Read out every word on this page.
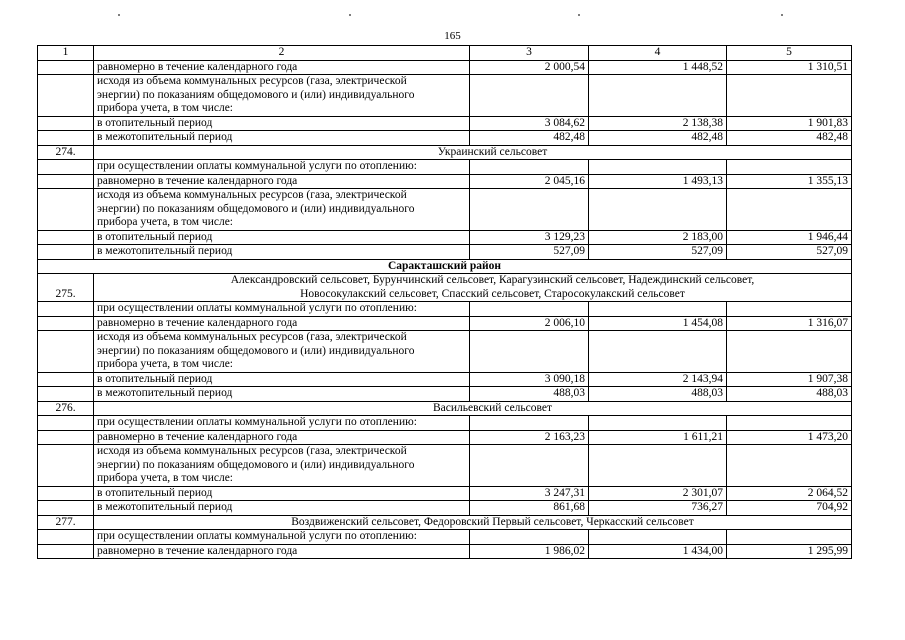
165
1	2	3	4	5
	равномерно в течение календарного года	2 000,54	1 448,52	1 310,51
	исходя из объема коммунальных ресурсов (газа, электрической энергии) по показаниям общедомового и (или) индивидуального прибора учета, в том числе:			
	в отопительный период	3 084,62	2 138,38	1 901,83
	в межотопительный период	482,48	482,48	482,48
274.	Украинский сельсовет			
	при осуществлении оплаты коммунальной услуги по отоплению:			
	равномерно в течение календарного года	2 045,16	1 493,13	1 355,13
	исходя из объема коммунальных ресурсов (газа, электрической энергии) по показаниям общедомового и (или) индивидуального прибора учета, в том числе:			
	в отопительный период	3 129,23	2 183,00	1 946,44
	в межотопительный период	527,09	527,09	527,09
Саракташский район				
275.	Александровский сельсовет, Бурунчинский сельсовет, Карагузинский сельсовет, Надеждинский сельсовет, Новосокулакский сельсовет, Спасский сельсовет, Старосокулакский сельсовет			
	при осуществлении оплаты коммунальной услуги по отоплению:			
	равномерно в течение календарного года	2 006,10	1 454,08	1 316,07
	исходя из объема коммунальных ресурсов (газа, электрической энергии) по показаниям общедомового и (или) индивидуального прибора учета, в том числе:			
	в отопительный период	3 090,18	2 143,94	1 907,38
	в межотопительный период	488,03	488,03	488,03
276.	Васильевский сельсовет			
	при осуществлении оплаты коммунальной услуги по отоплению:			
	равномерно в течение календарного года	2 163,23	1 611,21	1 473,20
	исходя из объема коммунальных ресурсов (газа, электрической энергии) по показаниям общедомового и (или) индивидуального прибора учета, в том числе:			
	в отопительный период	3 247,31	2 301,07	2 064,52
	в межотопительный период	861,68	736,27	704,92
277.	Воздвиженский сельсовет, Федоровский Первый сельсовет, Черкасский сельсовет			
	при осуществлении оплаты коммунальной услуги по отоплению:			
	равномерно в течение календарного года	1 986,02	1 434,00	1 295,99
